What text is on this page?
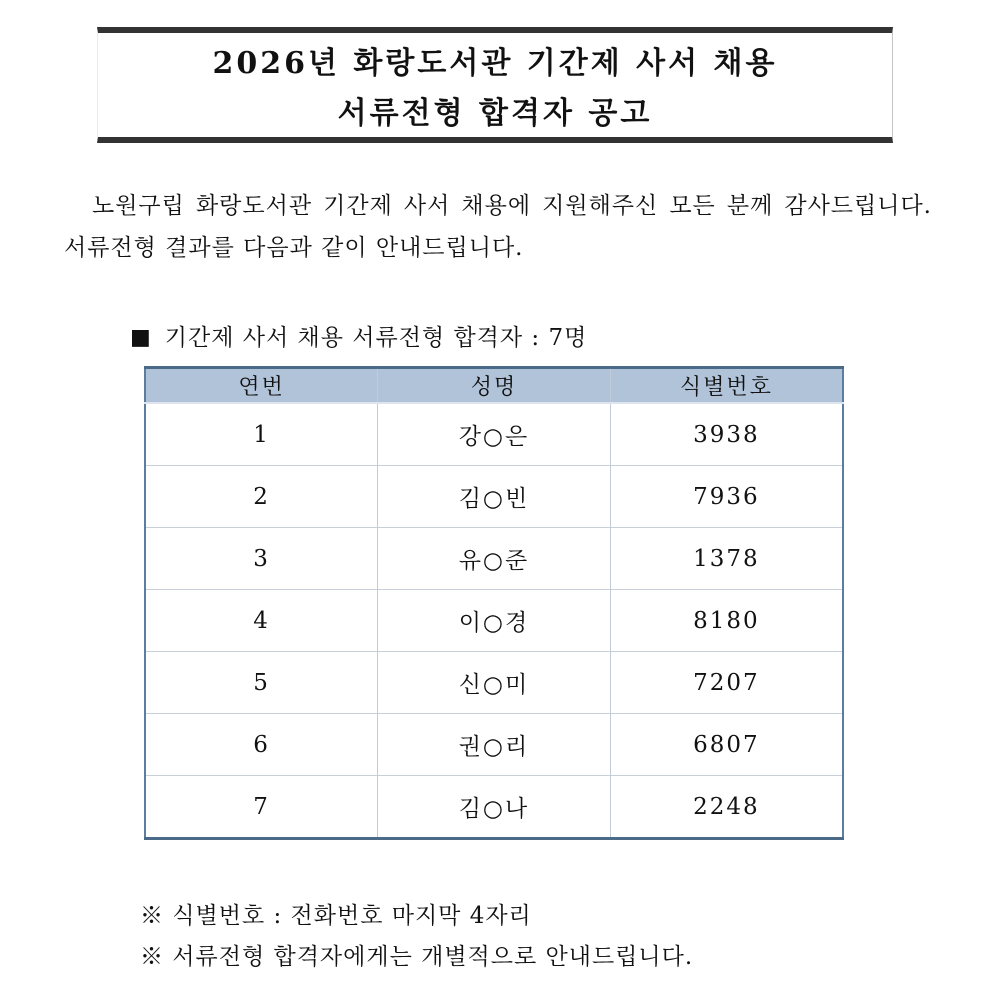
2026년 화랑도서관 기간제 사서 채용
서류전형 합격자 공고

노원구립 화랑도서관 기간제 사서 채용에 지원해주신 모든 분께 감사드립니다. 서류전형 결과를 다음과 같이 안내드립니다.

■ 기간제 사서 채용 서류전형 합격자 : 7명
연번	성명	식별번호
1	강○은	3938
2	김○빈	7936
3	유○준	1378
4	이○경	8180
5	신○미	7207
6	권○리	6807
7	김○나	2248

※ 식별번호 : 전화번호 마지막 4자리

※ 서류전형 합격자에게는 개별적으로 안내드립니다.
